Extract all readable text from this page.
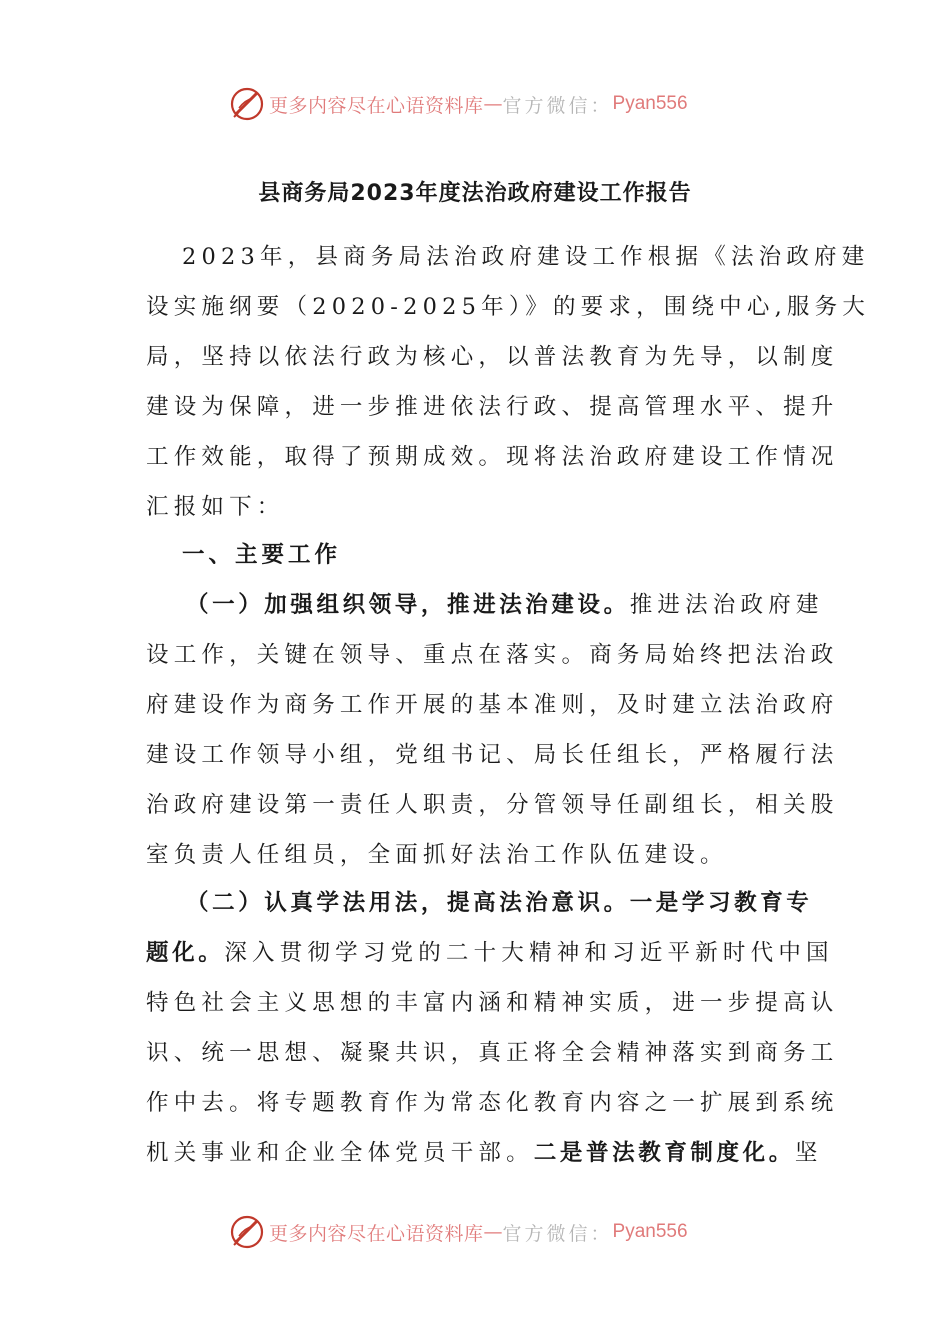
更多内容尽在心语资料库 — 官方微信： Pyan556
县商务局2023年度法治政府建设工作报告
2023年，县商务局法治政府建设工作根据《法治政府建
设实施纲要（2020-2025年）》的要求，围绕中心,服务大
局，坚持以依法行政为核心，以普法教育为先导，以制度
建设为保障，进一步推进依法行政、提高管理水平、提升
工作效能，取得了预期成效。现将法治政府建设工作情况
汇报如下：
一、主要工作
（一）加强组织领导，推进法治建设。推进法治政府建
设工作，关键在领导、重点在落实。商务局始终把法治政
府建设作为商务工作开展的基本准则，及时建立法治政府
建设工作领导小组，党组书记、局长任组长，严格履行法
治政府建设第一责任人职责，分管领导任副组长，相关股
室负责人任组员，全面抓好法治工作队伍建设。
（二）认真学法用法，提高法治意识。一是学习教育专
题化。深入贯彻学习党的二十大精神和习近平新时代中国
特色社会主义思想的丰富内涵和精神实质，进一步提高认
识、统一思想、凝聚共识，真正将全会精神落实到商务工
作中去。将专题教育作为常态化教育内容之一扩展到系统
机关事业和企业全体党员干部。二是普法教育制度化。坚
更多内容尽在心语资料库 — 官方微信： Pyan556
